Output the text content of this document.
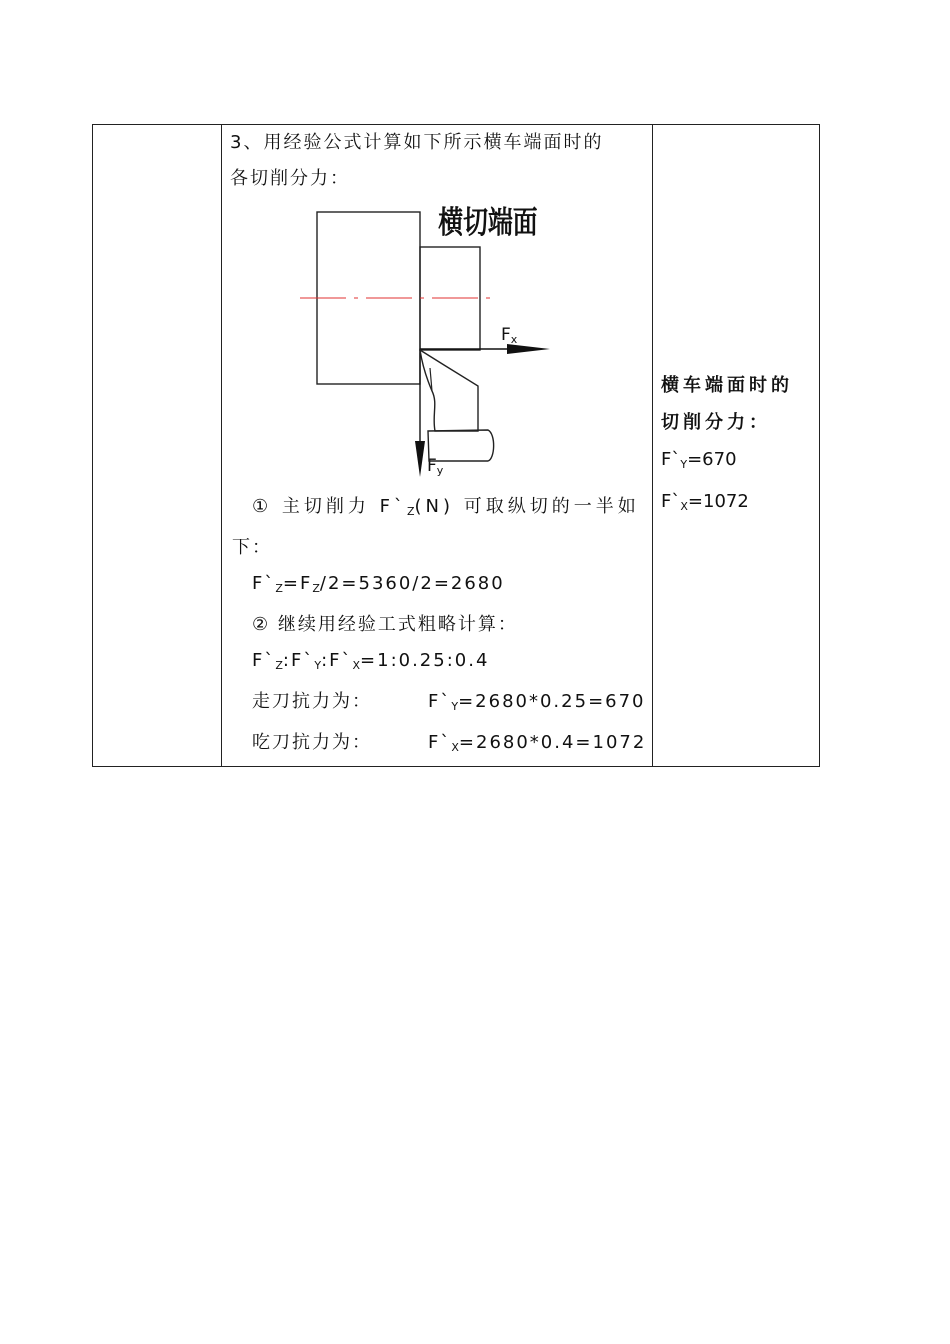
3、用经验公式计算如下所示横车端面时的
各切削分力：
横切端面
Fx
Fy
① 主切削力 $F`_Z(N)$ 可取纵切的一半如
下：
$F`_Z=F_Z/2=5360/2=2680$
② 继续用经验工式粗略计算：
$F`_Z:F`_Y:F`_X=1:0.25:0.4$
走刀抗力为：	$F`_Y=2680*0.25=670$
吃刀抗力为：	$F`_X=2680*0.4=1072$

横车端面时的
切削分力：
$F`_Y=670$
$F`_X=1072$
